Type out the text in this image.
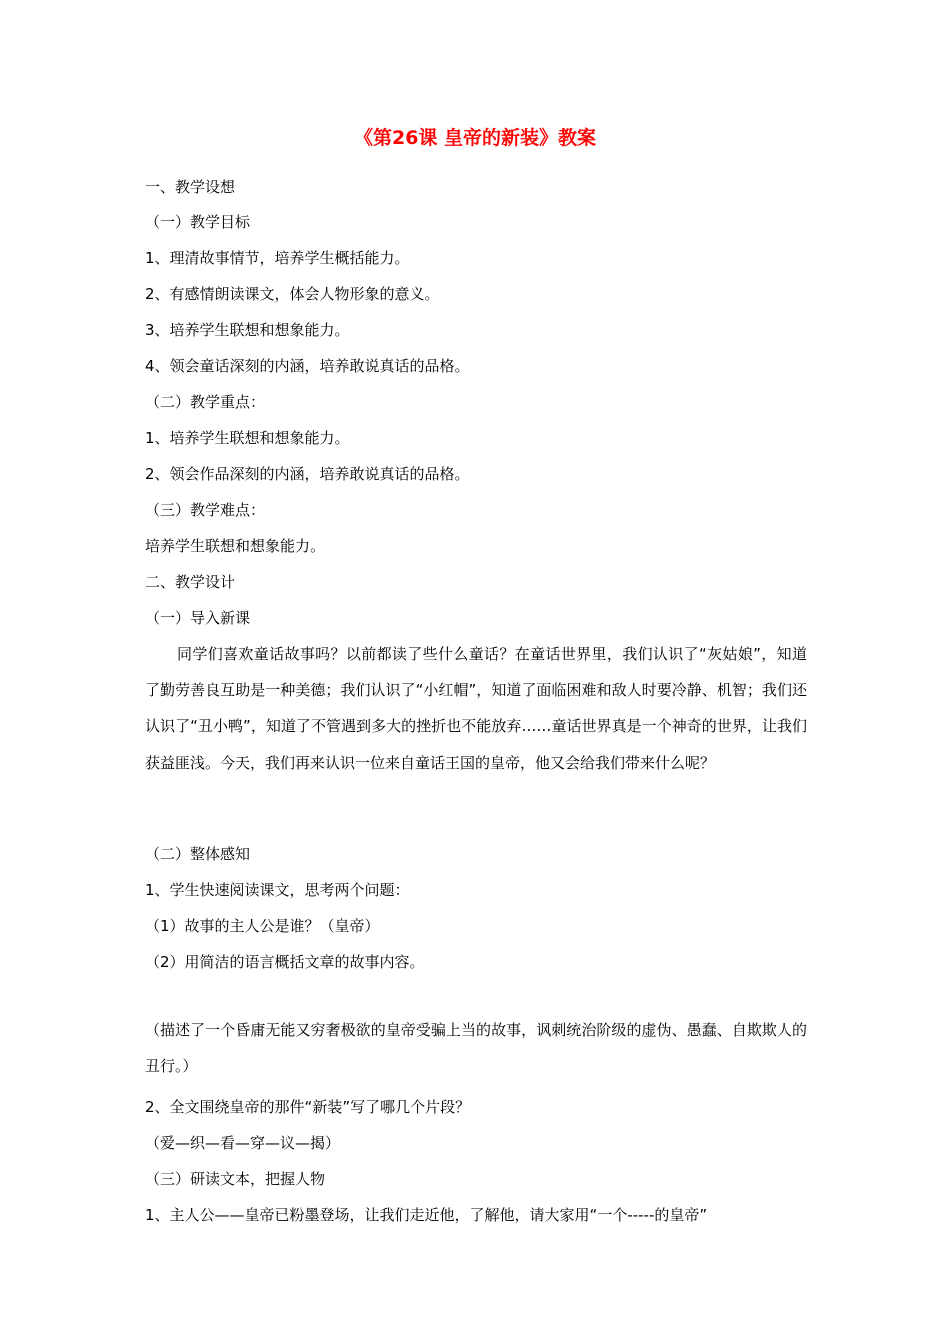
《第26课 皇帝的新装》教案
一、教学设想
（一）教学目标
1、理清故事情节，培养学生概括能力。
2、有感情朗读课文，体会人物形象的意义。
3、培养学生联想和想象能力。
4、领会童话深刻的内涵，培养敢说真话的品格。
（二）教学重点：
1、培养学生联想和想象能力。
2、领会作品深刻的内涵，培养敢说真话的品格。
（三）教学难点：
培养学生联想和想象能力。
二、教学设计
（一）导入新课
同学们喜欢童话故事吗？以前都读了些什么童话？在童话世界里，我们认识了“灰姑娘”，知道了勤劳善良互助是一种美德；我们认识了“小红帽”，知道了面临困难和敌人时要冷静、机智；我们还认识了“丑小鸭”，知道了不管遇到多大的挫折也不能放弃……童话世界真是一个神奇的世界，让我们获益匪浅。今天，我们再来认识一位来自童话王国的皇帝，他又会给我们带来什么呢？
（二）整体感知
1、学生快速阅读课文，思考两个问题：
（1）故事的主人公是谁？（皇帝）
（2）用简洁的语言概括文章的故事内容。
（描述了一个昏庸无能又穷奢极欲的皇帝受骗上当的故事，讽刺统治阶级的虚伪、愚蠢、自欺欺人的丑行。）
2、全文围绕皇帝的那件“新装”写了哪几个片段？
（爱—织—看—穿—议—揭）
（三）研读文本，把握人物
1、主人公——皇帝已粉墨登场，让我们走近他，了解他，请大家用“一个-----的皇帝”
